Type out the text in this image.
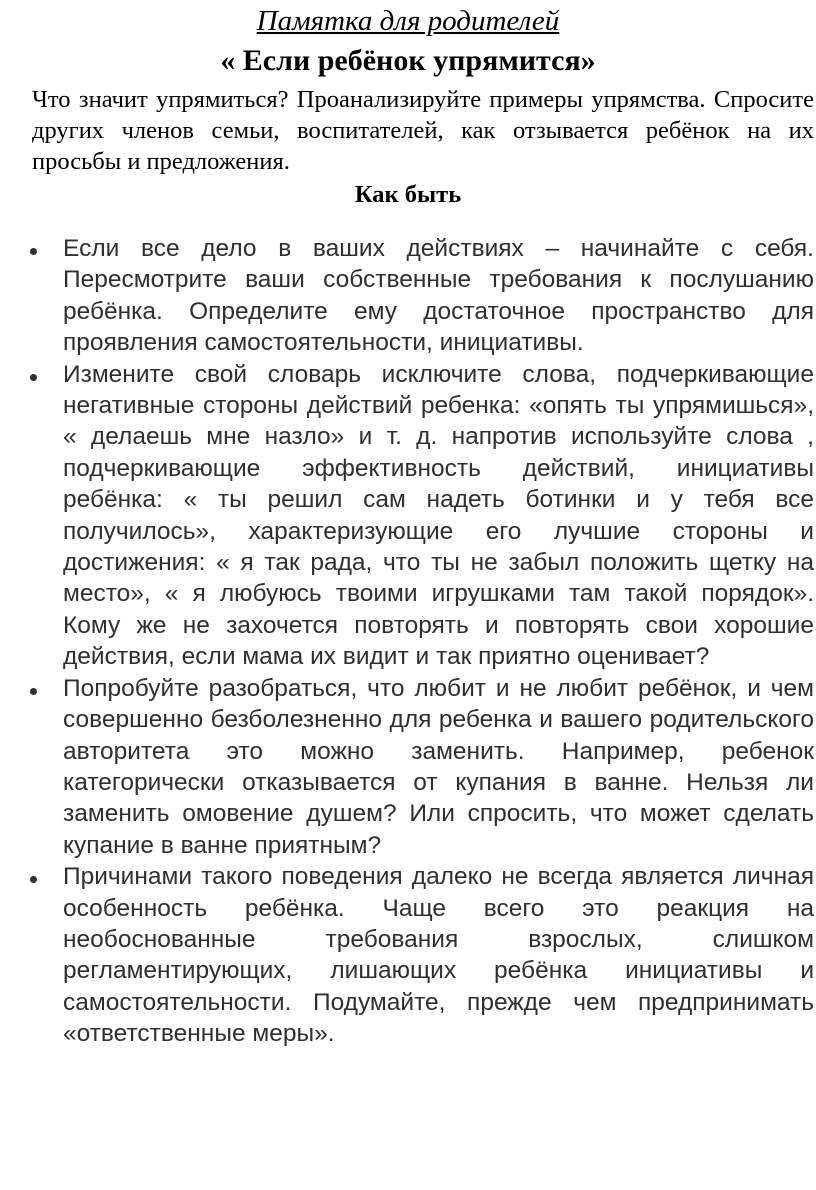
Памятка для родителей
« Если ребёнок упрямится»

Что значит упрямиться? Проанализируйте примеры упрямства. Спросите других членов семьи, воспитателей, как отзывается ребёнок на их просьбы и предложения.

Как быть
Если все дело в ваших действиях – начинайте с себя. Пересмотрите ваши собственные требования к послушанию ребёнка. Определите ему достаточное пространство для проявления самостоятельности, инициативы.
Измените свой словарь исключите слова, подчеркивающие негативные стороны действий ребенка: «опять ты упрямишься», « делаешь мне назло» и т. д. напротив используйте слова , подчеркивающие эффективность действий, инициативы ребёнка: « ты решил сам надеть ботинки и у тебя все получилось», характеризующие его лучшие стороны и достижения: « я так рада, что ты не забыл положить щетку на место», « я любуюсь твоими игрушками там такой порядок». Кому же не захочется повторять и повторять свои хорошие действия, если мама их видит и так приятно оценивает?
Попробуйте разобраться, что любит и не любит ребёнок, и чем совершенно безболезненно для ребенка и вашего родительского авторитета это можно заменить. Например, ребенок категорически отказывается от купания в ванне. Нельзя ли заменить омовение душем? Или спросить, что может сделать купание в ванне приятным?
Причинами такого поведения далеко не всегда является личная особенность ребёнка. Чаще всего это реакция на необоснованные требования взрослых, слишком регламентирующих, лишающих ребёнка инициативы и самостоятельности. Подумайте, прежде чем предпринимать «ответственные меры».
